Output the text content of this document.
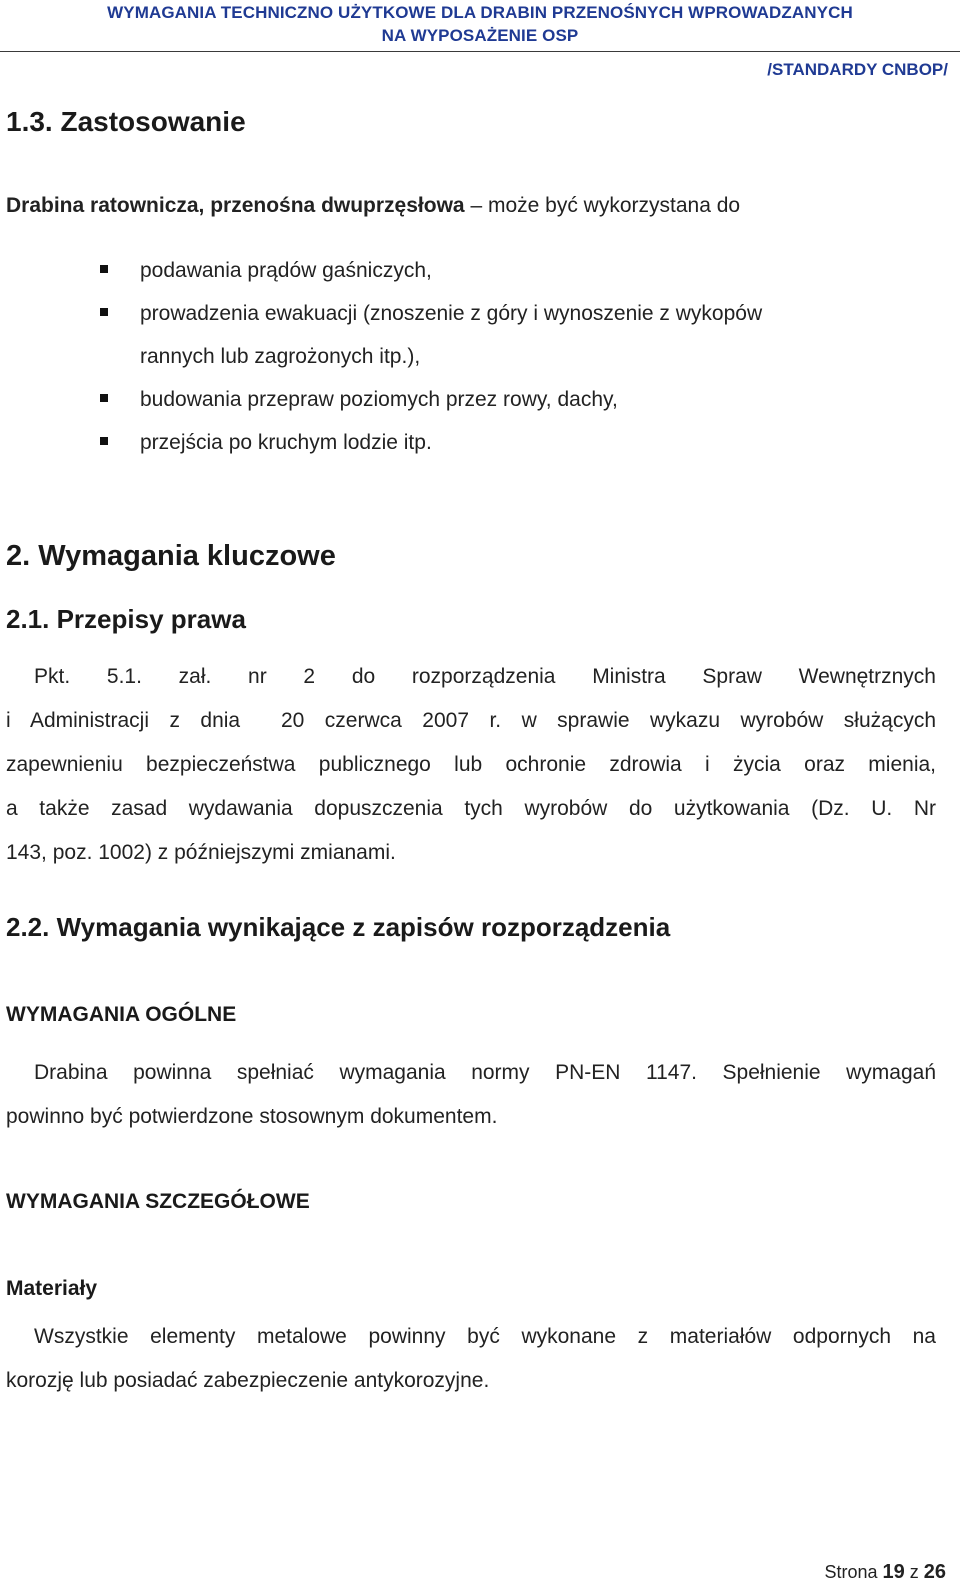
WYMAGANIA TECHNICZNO UŻYTKOWE DLA DRABIN PRZENOŚNYCH WPROWADZANYCH
NA WYPOSAŻENIE OSP
/STANDARDY CNBOP/
1.3. Zastosowanie
Drabina ratownicza, przenośna dwuprzęsłowa – może być wykorzystana do
podawania prądów gaśniczych,
prowadzenia ewakuacji (znoszenie z góry i wynoszenie z wykopów
rannych lub zagrożonych itp.),
budowania przepraw poziomych przez rowy, dachy,
przejścia po kruchym lodzie itp.
2. Wymagania kluczowe
2.1. Przepisy prawa
Pkt.  5.1.  zał.  nr  2  do  rozporządzenia  Ministra  Spraw  Wewnętrznych
i Administracji z dnia  20 czerwca 2007 r. w sprawie wykazu wyrobów służących
zapewnieniu bezpieczeństwa publicznego lub ochronie zdrowia i życia oraz mienia,
a także zasad wydawania dopuszczenia tych wyrobów do użytkowania (Dz. U. Nr
143, poz. 1002) z późniejszymi zmianami.
2.2. Wymagania wynikające z zapisów rozporządzenia
WYMAGANIA OGÓLNE
Drabina powinna spełniać wymagania normy PN-EN 1147. Spełnienie wymagań
powinno być potwierdzone stosownym dokumentem.
WYMAGANIA SZCZEGÓŁOWE
Materiały
Wszystkie elementy metalowe powinny być wykonane z materiałów odpornych na
korozję lub posiadać zabezpieczenie antykorozyjne.
Strona 19 z 26
